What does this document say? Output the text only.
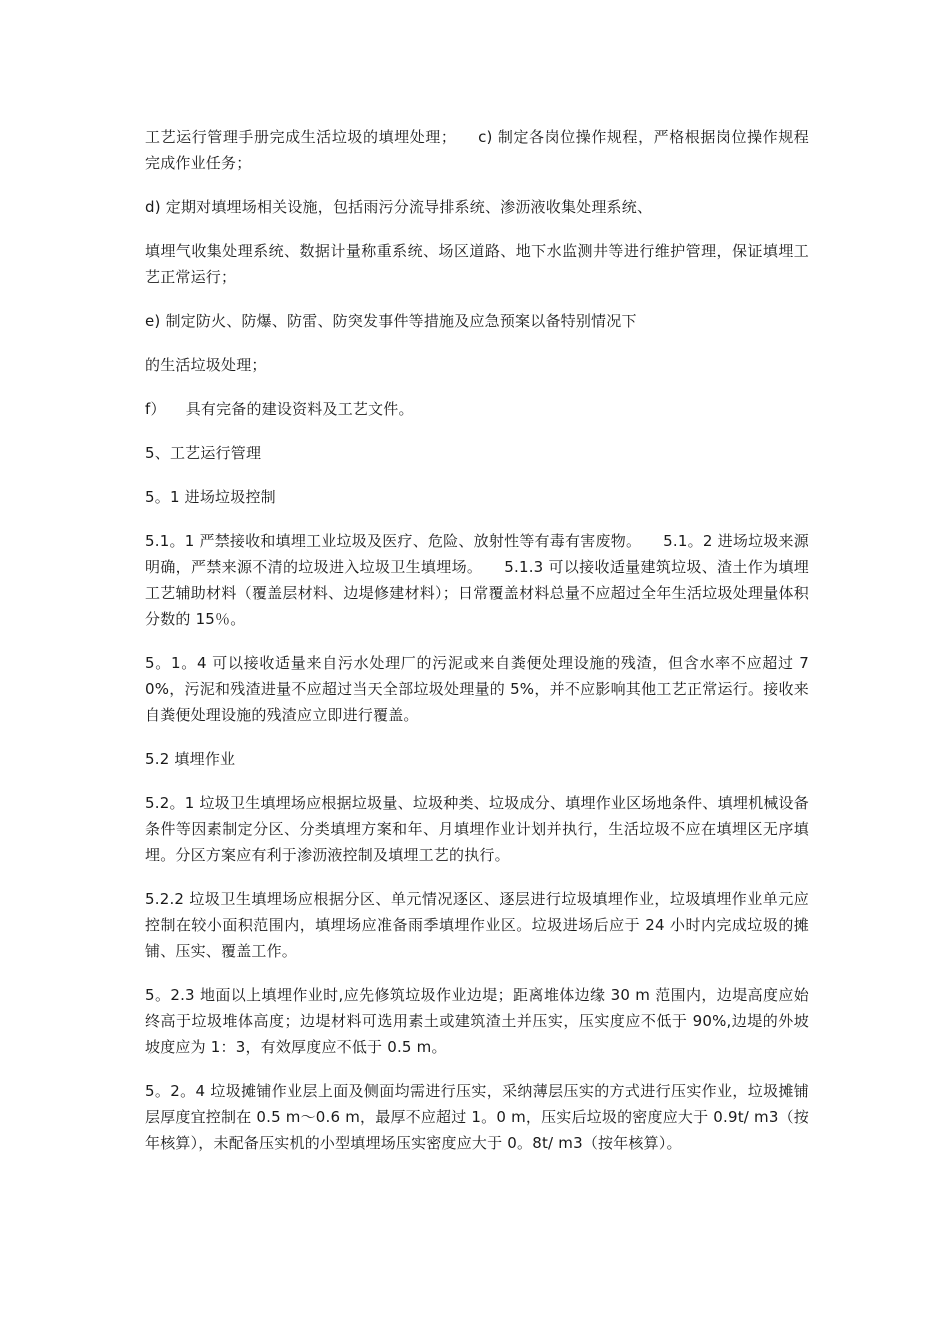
工艺运行管理手册完成生活垃圾的填埋处理； c) 制定各岗位操作规程，严格根据岗位操作规程完成作业任务；

d) 定期对填埋场相关设施，包括雨污分流导排系统、渗沥液收集处理系统、

填埋气收集处理系统、数据计量称重系统、场区道路、地下水监测井等进行维护管理，保证填埋工艺正常运行；

e) 制定防火、防爆、防雷、防突发事件等措施及应急预案以备特别情况下

的生活垃圾处理；

f） 具有完备的建设资料及工艺文件。

5、工艺运行管理

5。1 进场垃圾控制

5.1。1 严禁接收和填埋工业垃圾及医疗、危险、放射性等有毒有害废物。 5.1。2 进场垃圾来源明确，严禁来源不清的垃圾进入垃圾卫生填埋场。 5.1.3 可以接收适量建筑垃圾、渣土作为填埋工艺辅助材料（覆盖层材料、边堤修建材料）；日常覆盖材料总量不应超过全年生活垃圾处理量体积分数的 15％。

5。1。4 可以接收适量来自污水处理厂的污泥或来自粪便处理设施的残渣，但含水率不应超过 70%，污泥和残渣进量不应超过当天全部垃圾处理量的 5%，并不应影响其他工艺正常运行。接收来自粪便处理设施的残渣应立即进行覆盖。

5.2 填埋作业

5.2。1 垃圾卫生填埋场应根据垃圾量、垃圾种类、垃圾成分、填埋作业区场地条件、填埋机械设备条件等因素制定分区、分类填埋方案和年、月填埋作业计划并执行，生活垃圾不应在填埋区无序填埋。分区方案应有利于渗沥液控制及填埋工艺的执行。

5.2.2 垃圾卫生填埋场应根据分区、单元情况逐区、逐层进行垃圾填埋作业，垃圾填埋作业单元应控制在较小面积范围内，填埋场应准备雨季填埋作业区。垃圾进场后应于 24 小时内完成垃圾的摊铺、压实、覆盖工作。

5。2.3 地面以上填埋作业时,应先修筑垃圾作业边堤；距离堆体边缘 30 m 范围内，边堤高度应始终高于垃圾堆体高度；边堤材料可选用素土或建筑渣土并压实，压实度应不低于 90%,边堤的外坡坡度应为 1：3，有效厚度应不低于 0.5 m。

5。2。4 垃圾摊铺作业层上面及侧面均需进行压实，采纳薄层压实的方式进行压实作业，垃圾摊铺层厚度宜控制在 0.5 m～0.6 m，最厚不应超过 1。0 m，压实后垃圾的密度应大于 0.9t/ m3（按年核算），未配备压实机的小型填埋场压实密度应大于 0。8t/ m3（按年核算）。
